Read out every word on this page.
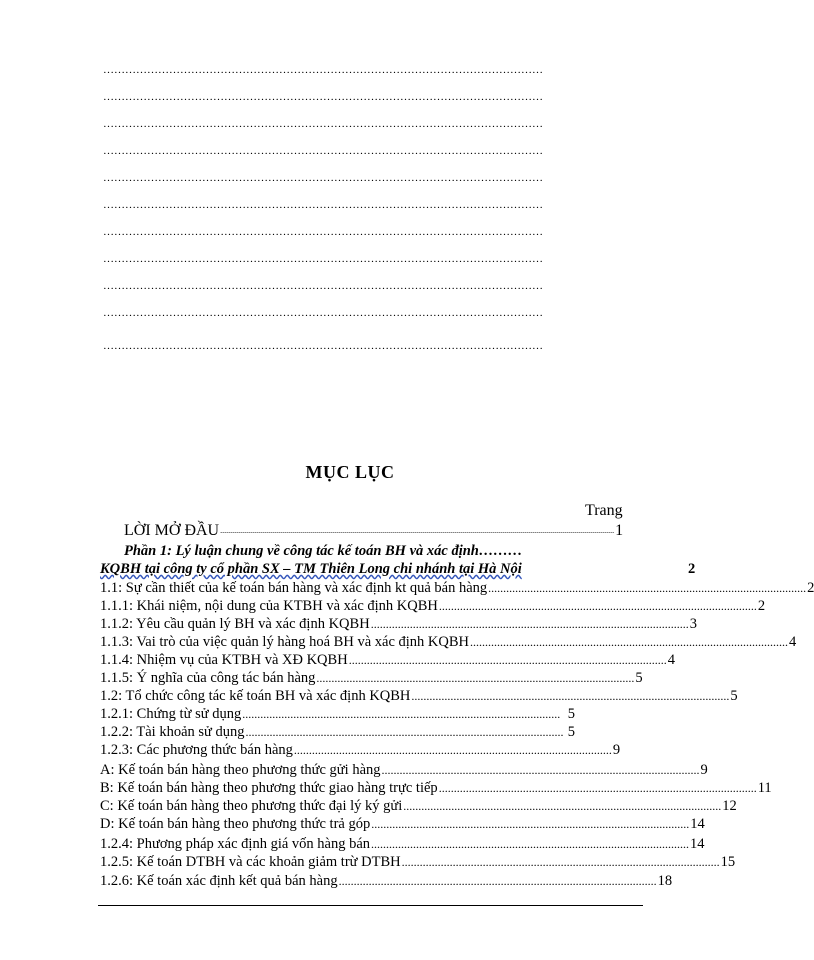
…………………………………………………………………………………………………………
…………………………………………………………………………………………………………
…………………………………………………………………………………………………………
…………………………………………………………………………………………………………
…………………………………………………………………………………………………………
…………………………………………………………………………………………………………
…………………………………………………………………………………………………………
…………………………………………………………………………………………………………
…………………………………………………………………………………………………………
…………………………………………………………………………………………………………
…………………………………………………………………………………………………………
MỤC LỤC
Trang
LỜI MỞ ĐẦU ..................................................................................................................................................................................................... 1
Phần 1: Lý luận chung về công tác kế toán BH và xác định………
KQBH tại công ty cổ phần SX – TM Thiên Long chi nhánh tại Hà Nội	2
1.1: Sự cần thiết của kế toán bán hàng và xác định kt quả bán hàng .......................................................................................................... 2
1.1.1: Khái niệm, nội dung của KTBH và xác định KQBH .......................................................................................................... 2
1.1.2: Yêu cầu quản lý BH và xác định KQBH .......................................................................................................... 3
1.1.3: Vai trò của việc quản lý hàng hoá BH và xác định KQBH .......................................................................................................... 4
1.1.4: Nhiệm vụ của KTBH và XĐ KQBH .......................................................................................................... 4
1.1.5: Ý nghĩa của công tác bán hàng .......................................................................................................... 5
1.2: Tổ chức công tác kế toán BH và xác định KQBH .......................................................................................................... 5
1.2.1: Chứng từ sử dụng .......................................................................................................... 5
1.2.2: Tài khoản sử dụng .......................................................................................................... 5
1.2.3: Các phương thức bán hàng .......................................................................................................... 9
A: Kế toán bán hàng theo phương thức gửi hàng .......................................................................................................... 9
B: Kế toán bán hàng theo phương thức giao hàng trực tiếp .......................................................................................................... 11
C: Kế toán bán hàng theo phương thức đại lý ký gửi .......................................................................................................... 12
D: Kế toán bán hàng theo phương thức trả góp .......................................................................................................... 14
1.2.4: Phương pháp xác định giá vốn hàng bán .......................................................................................................... 14
1.2.5: Kế toán DTBH và các khoản giảm trừ DTBH .......................................................................................................... 15
1.2.6: Kế toán xác định kết quả bán hàng .......................................................................................................... 18
